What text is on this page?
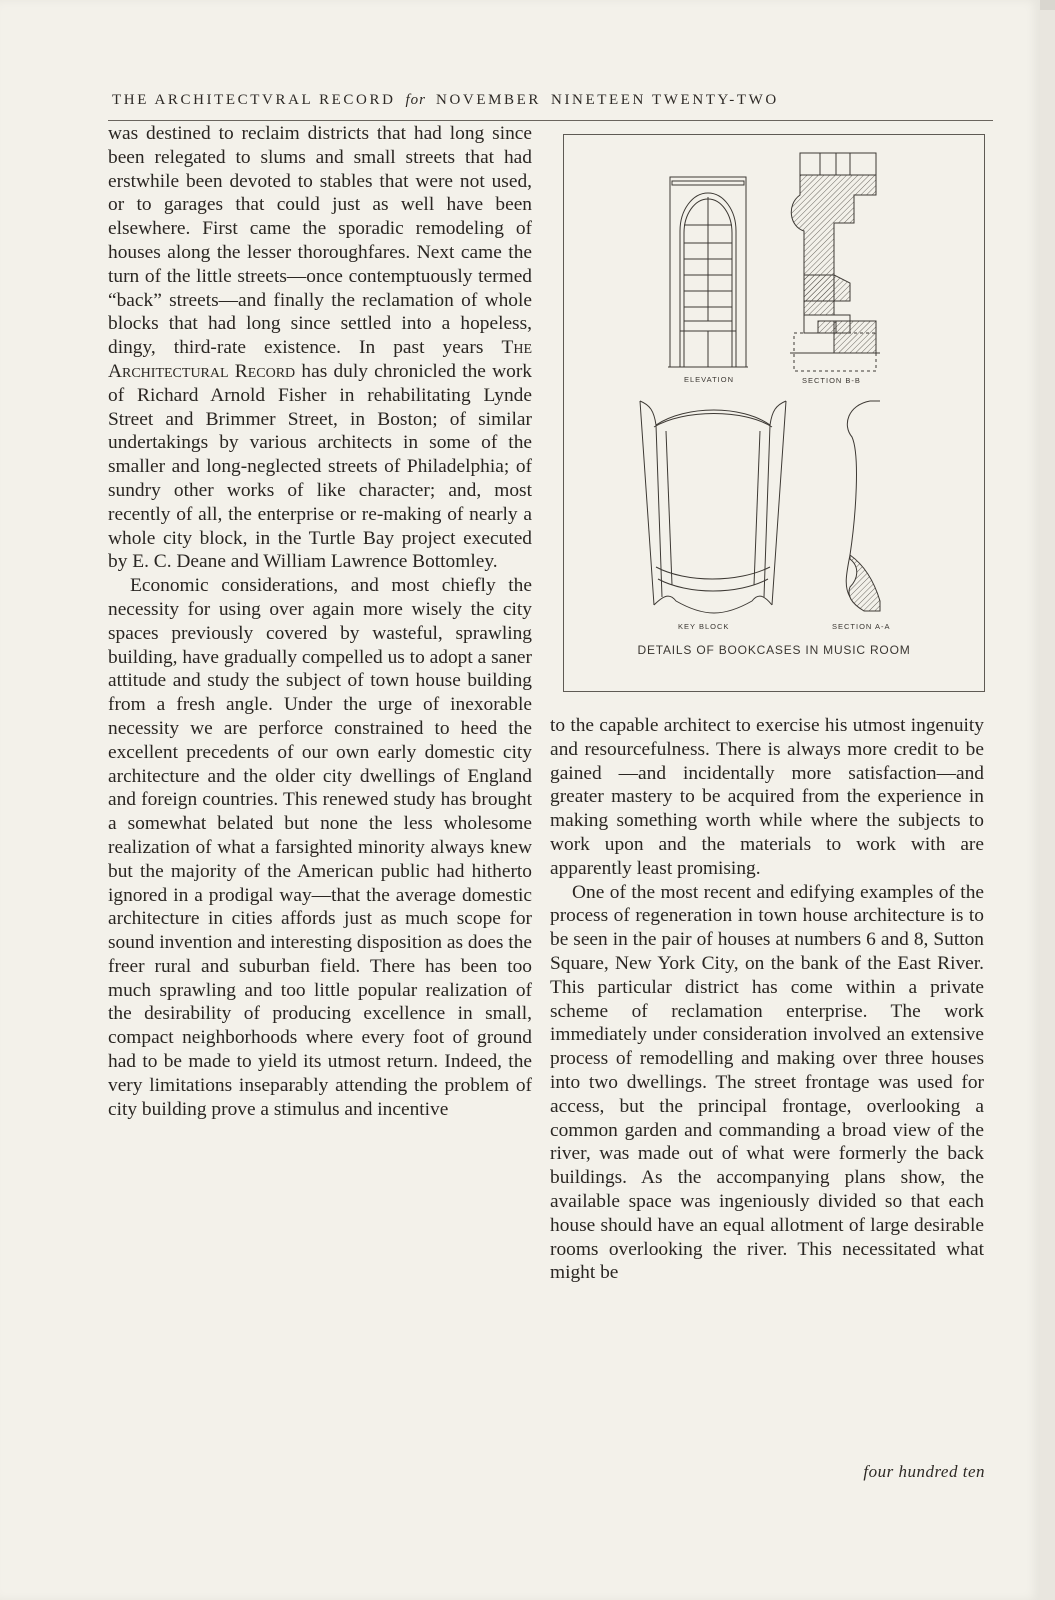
THE ARCHITECTVRAL RECORD for NOVEMBER NINETEEN TWENTY-TWO

was destined to reclaim districts that had long since been relegated to slums and small streets that had erstwhile been devoted to stables that were not used, or to garages that could just as well have been elsewhere. First came the sporadic remodeling of houses along the lesser thoroughfares. Next came the turn of the little streets—once contemptuously termed “back” streets—and finally the reclamation of whole blocks that had long since settled into a hopeless, dingy, third-rate existence. In past years The Architectural Record has duly chronicled the work of Richard Arnold Fisher in rehabilitating Lynde Street and Brimmer Street, in Boston; of similar undertakings by various architects in some of the smaller and long-neglected streets of Philadelphia; of sundry other works of like character; and, most recently of all, the enterprise or re-making of nearly a whole city block, in the Turtle Bay project executed by E. C. Deane and William Lawrence Bottomley.

Economic considerations, and most chiefly the necessity for using over again more wisely the city spaces previously covered by wasteful, sprawling building, have gradually compelled us to adopt a saner attitude and study the subject of town house building from a fresh angle. Under the urge of inexorable necessity we are perforce constrained to heed the excellent precedents of our own early domestic city architecture and the older city dwellings of England and foreign countries. This renewed study has brought a somewhat belated but none the less wholesome realization of what a farsighted minority always knew but the majority of the American public had hitherto ignored in a prodigal way—that the average domestic architecture in cities affords just as much scope for sound invention and interesting disposition as does the freer rural and suburban field. There has been too much sprawling and too little popular realization of the desirability of producing excellence in small, compact neighborhoods where every foot of ground had to be made to yield its utmost return. Indeed, the very limitations inseparably attending the problem of city building prove a stimulus and incentive

ELEVATION	SECTION B-B
KEY BLOCK	SECTION A-A
DETAILS OF BOOKCASES IN MUSIC ROOM

to the capable architect to exercise his utmost ingenuity and resourcefulness. There is always more credit to be gained —and incidentally more satisfaction—and greater mastery to be acquired from the experience in making something worth while where the subjects to work upon and the materials to work with are apparently least promising.

One of the most recent and edifying examples of the process of regeneration in town house architecture is to be seen in the pair of houses at numbers 6 and 8, Sutton Square, New York City, on the bank of the East River. This particular district has come within a private scheme of reclamation enterprise. The work immediately under consideration involved an extensive process of remodelling and making over three houses into two dwellings. The street frontage was used for access, but the principal frontage, overlooking a common garden and commanding a broad view of the river, was made out of what were formerly the back buildings. As the accompanying plans show, the available space was ingeniously divided so that each house should have an equal allotment of large desirable rooms overlooking the river. This necessitated what might be

four hundred ten
